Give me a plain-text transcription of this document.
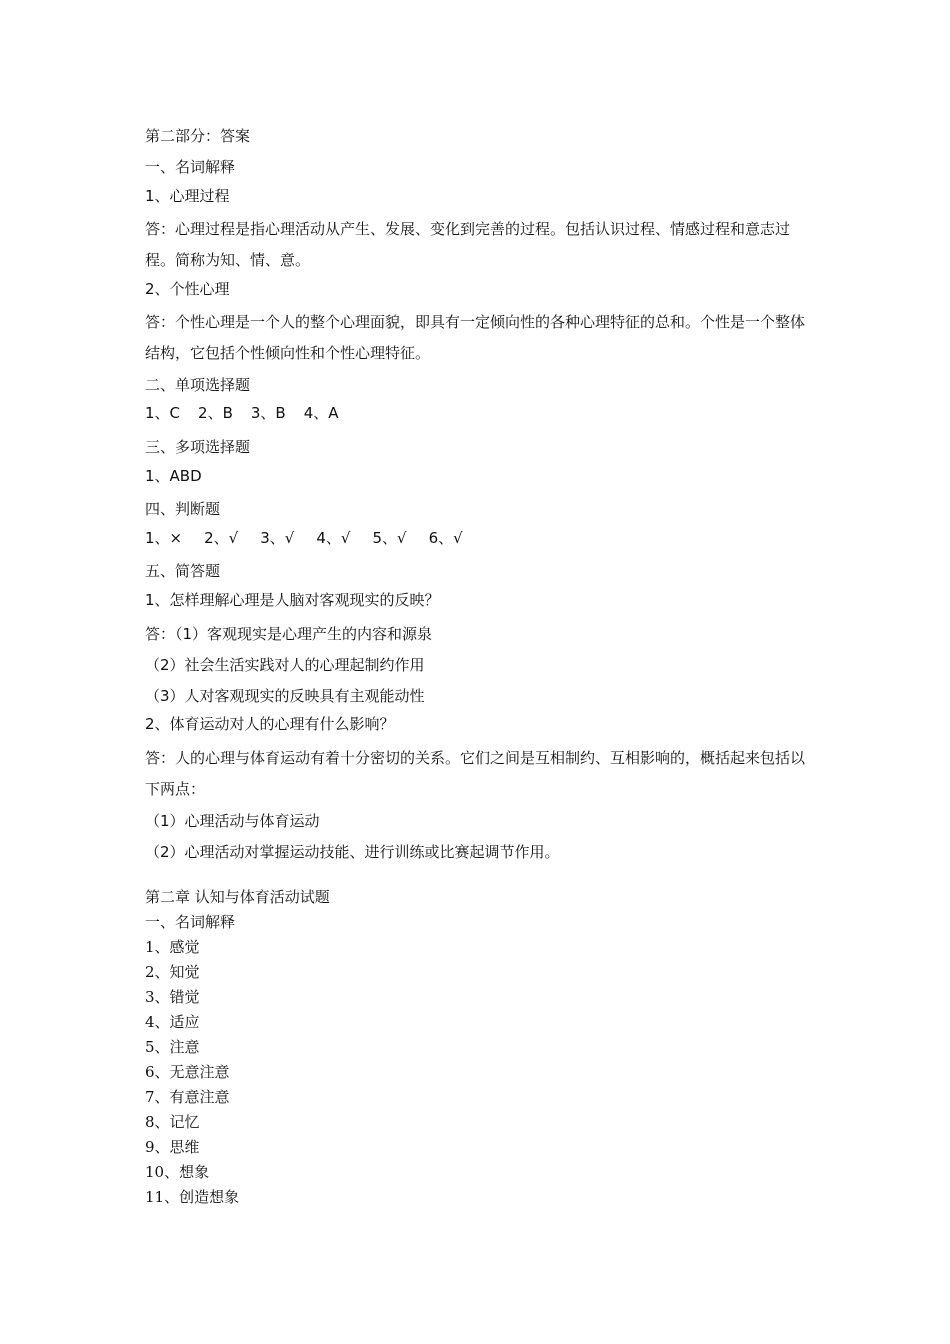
第二部分：答案
一、名词解释
1、心理过程
答：心理过程是指心理活动从产生、发展、变化到完善的过程。包括认识过程、情感过程和意志过程。简称为知、情、意。
2、个性心理
答：个性心理是一个人的整个心理面貌，即具有一定倾向性的各种心理特征的总和。个性是一个整体结构，它包括个性倾向性和个性心理特征。
二、单项选择题
1、C 2、B 3、B 4、A
三、多项选择题
1、ABD
四、判断题
1、× 2、√ 3、√ 4、√ 5、√ 6、√
五、简答题
1、怎样理解心理是人脑对客观现实的反映？
答：（1）客观现实是心理产生的内容和源泉
（2）社会生活实践对人的心理起制约作用
（3）人对客观现实的反映具有主观能动性
2、体育运动对人的心理有什么影响？
答：人的心理与体育运动有着十分密切的关系。它们之间是互相制约、互相影响的，概括起来包括以下两点：
（1）心理活动与体育运动
（2）心理活动对掌握运动技能、进行训练或比赛起调节作用。
第二章 认知与体育活动试题
一、名词解释
1、感觉
2、知觉
3、错觉
4、适应
5、注意
6、无意注意
7、有意注意
8、记忆
9、思维
10、想象
11、创造想象
